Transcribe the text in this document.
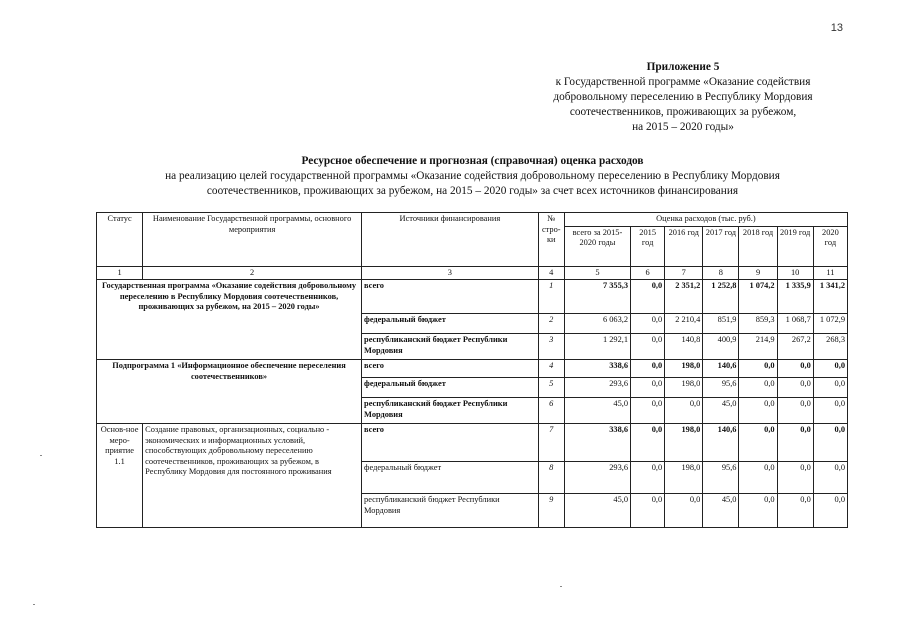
13
Приложение 5
к Государственной программе «Оказание содействия
добровольному переселению в Республику Мордовия
соотечественников, проживающих за рубежом,
на 2015 – 2020 годы»
Ресурсное обеспечение и прогнозная (справочная) оценка расходов
на реализацию целей государственной программы «Оказание содействия добровольному переселению в Республику Мордовия
соотечественников, проживающих за рубежом, на 2015 – 2020 годы» за счет всех источников финансирования
Статус	Наименование Государственной программы, основного мероприятия	Источники финансирования	№ стро-ки	Оценка расходов (тыс. руб.)						
				всего за 2015-2020 годы	2015 год	2016 год	2017 год	2018 год	2019 год	2020 год
1	2	3	4	5	6	7	8	9	10	11
Государственная программа «Оказание содействия добровольному переселению в Республику Мордовия соотечественников, проживающих за рубежом, на 2015 – 2020 годы»		всего	1	7 355,3	0,0	2 351,2	1 252,8	1 074,2	1 335,9	1 341,2
		федеральный бюджет	2	6 063,2	0,0	2 210,4	851,9	859,3	1 068,7	1 072,9
		республиканский бюджет Республики Мордовия	3	1 292,1	0,0	140,8	400,9	214,9	267,2	268,3
Подпрограмма 1 «Информационное обеспечение переселения соотечественников»		всего	4	338,6	0,0	198,0	140,6	0,0	0,0	0,0
		федеральный бюджет	5	293,6	0,0	198,0	95,6	0,0	0,0	0,0
		республиканский бюджет Республики Мордовия	6	45,0	0,0	0,0	45,0	0,0	0,0	0,0
Основ-ное меро-приятие 1.1	Создание правовых, организационных, социально - экономических и информационных условий, способствующих добровольному переселению соотечественников, проживающих за рубежом, в Республику Мордовия для постоянного проживания	всего	7	338,6	0,0	198,0	140,6	0,0	0,0	0,0
		федеральный бюджет	8	293,6	0,0	198,0	95,6	0,0	0,0	0,0
		республиканский бюджет Республики Мордовия	9	45,0	0,0	0,0	45,0	0,0	0,0	0,0
